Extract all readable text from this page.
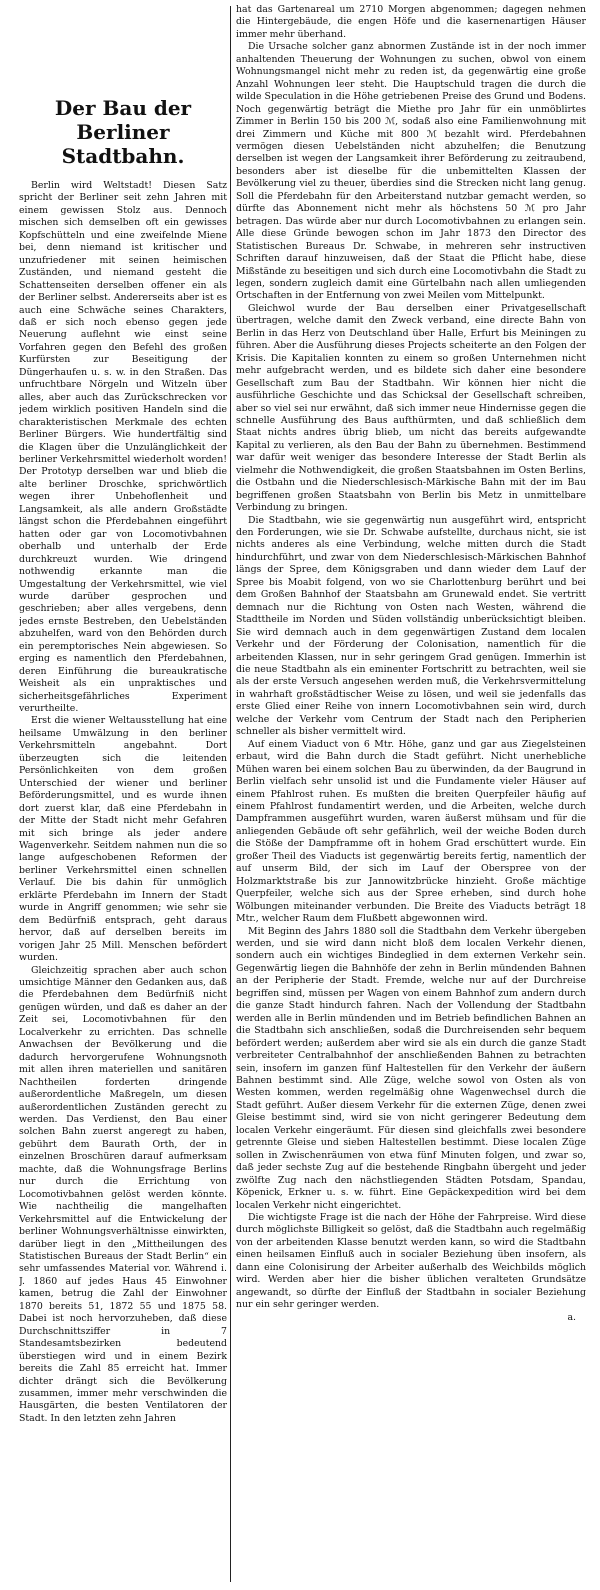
Der Bau der Berliner Stadtbahn.

Berlin wird Weltstadt! Diesen Satz spricht der Berliner seit zehn Jahren mit einem gewissen Stolz aus. Dennoch mischen sich demselben oft ein gewisses Kopfschütteln und eine zweifelnde Miene bei, denn niemand ist kritischer und unzufriedener mit seinen heimischen Zuständen, und niemand gesteht die Schattenseiten derselben offener ein als der Berliner selbst. Andererseits aber ist es auch eine Schwäche seines Charakters, daß er sich noch ebenso gegen jede Neuerung auflehnt wie einst seine Vorfahren gegen den Befehl des großen Kurfürsten zur Beseitigung der Düngerhaufen u. s. w. in den Straßen. Das unfruchtbare Nörgeln und Witzeln über alles, aber auch das Zurückschrecken vor jedem wirklich positiven Handeln sind die charakteristischen Merkmale des echten Berliner Bürgers. Wie hundertfältig sind die Klagen über die Unzulänglichkeit der berliner Verkehrsmittel wiederholt worden! Der Prototyp derselben war und blieb die alte berliner Droschke, sprichwörtlich wegen ihrer Unbehoflenheit und Langsamkeit, als alle andern Großstädte längst schon die Pferdebahnen eingeführt hatten oder gar von Locomotivbahnen oberhalb und unterhalb der Erde durchkreuzt wurden. Wie dringend nothwendig erkannte man die Umgestaltung der Verkehrsmittel, wie viel wurde darüber gesprochen und geschrieben; aber alles vergebens, denn jedes ernste Bestreben, den Uebelständen abzuhelfen, ward von den Behörden durch ein peremptorisches Nein abgewiesen. So erging es namentlich den Pferdebahnen, deren Einführung die bureaukratische Weisheit als ein unpraktisches und sicherheitsgefährliches Experiment verurtheilte.

Erst die wiener Weltausstellung hat eine heilsame Umwälzung in den berliner Verkehrsmitteln angebahnt. Dort überzeugten sich die leitenden Persönlichkeiten von dem großen Unterschied der wiener und berliner Beförderungsmittel, und es wurde ihnen dort zuerst klar, daß eine Pferdebahn in der Mitte der Stadt nicht mehr Gefahren mit sich bringe als jeder andere Wagenverkehr. Seitdem nahmen nun die so lange aufgeschobenen Reformen der berliner Verkehrsmittel einen schnellen Verlauf. Die bis dahin für unmöglich erklärte Pferdebahn im Innern der Stadt wurde in Angriff genommen; wie sehr sie dem Bedürfniß entsprach, geht daraus hervor, daß auf derselben bereits im vorigen Jahr 25 Mill. Menschen befördert wurden.

Gleichzeitig sprachen aber auch schon umsichtige Männer den Gedanken aus, daß die Pferdebahnen dem Bedürfniß nicht genügen würden, und daß es daher an der Zeit sei, Locomotivbahnen für den Localverkehr zu errichten. Das schnelle Anwachsen der Bevölkerung und die dadurch hervorgerufene Wohnungsnoth mit allen ihren materiellen und sanitären Nachtheilen forderten dringende außerordentliche Maßregeln, um diesen außerordentlichen Zuständen gerecht zu werden. Das Verdienst, den Bau einer solchen Bahn zuerst angeregt zu haben, gebührt dem Baurath Orth, der in einzelnen Broschüren darauf aufmerksam machte, daß die Wohnungsfrage Berlins nur durch die Errichtung von Locomotivbahnen gelöst werden könnte. Wie nachtheilig die mangelhaften Verkehrsmittel auf die Entwickelung der berliner Wohnungsverhältnisse einwirkten, darüber liegt in den „Mittheilungen des Statistischen Bureaus der Stadt Berlin“ ein sehr umfassendes Material vor. Während i. J. 1860 auf jedes Haus 45 Einwohner kamen, betrug die Zahl der Einwohner 1870 bereits 51, 1872 55 und 1875 58. Dabei ist noch hervorzuheben, daß diese Durchschnittsziffer in 7 Standesamtsbezirken bedeutend überstiegen wird und in einem Bezirk bereits die Zahl 85 erreicht hat. Immer dichter drängt sich die Bevölkerung zusammen, immer mehr verschwinden die Hausgärten, die besten Ventilatoren der Stadt. In den letzten zehn Jahren

hat das Gartenareal um 2710 Morgen abgenommen; dagegen nehmen die Hintergebäude, die engen Höfe und die kasernenartigen Häuser immer mehr überhand.

Die Ursache solcher ganz abnormen Zustände ist in der noch immer anhaltenden Theuerung der Wohnungen zu suchen, obwol von einem Wohnungsmangel nicht mehr zu reden ist, da gegenwärtig eine große Anzahl Wohnungen leer steht. Die Hauptschuld tragen die durch die wilde Speculation in die Höhe getriebenen Preise des Grund und Bodens. Noch gegenwärtig beträgt die Miethe pro Jahr für ein unmöblirtes Zimmer in Berlin 150 bis 200 ℳ, sodaß also eine Familienwohnung mit drei Zimmern und Küche mit 800 ℳ bezahlt wird. Pferdebahnen vermögen diesen Uebelständen nicht abzuhelfen; die Benutzung derselben ist wegen der Langsamkeit ihrer Beförderung zu zeitraubend, besonders aber ist dieselbe für die unbemittelten Klassen der Bevölkerung viel zu theuer, überdies sind die Strecken nicht lang genug. Soll die Pferdebahn für den Arbeiterstand nutzbar gemacht werden, so dürfte das Abonnement nicht mehr als höchstens 50 ℳ pro Jahr betragen. Das würde aber nur durch Locomotivbahnen zu erlangen sein. Alle diese Gründe bewogen schon im Jahr 1873 den Director des Statistischen Bureaus Dr. Schwabe, in mehreren sehr instructiven Schriften darauf hinzuweisen, daß der Staat die Pflicht habe, diese Mißstände zu beseitigen und sich durch eine Locomotivbahn die Stadt zu legen, sondern zugleich damit eine Gürtelbahn nach allen umliegenden Ortschaften in der Entfernung von zwei Meilen vom Mittelpunkt.

Gleichwol wurde der Bau derselben einer Privatgesellschaft übertragen, welche damit den Zweck verband, eine directe Bahn von Berlin in das Herz von Deutschland über Halle, Erfurt bis Meiningen zu führen. Aber die Ausführung dieses Projects scheiterte an den Folgen der Krisis. Die Kapitalien konnten zu einem so großen Unternehmen nicht mehr aufgebracht werden, und es bildete sich daher eine besondere Gesellschaft zum Bau der Stadtbahn. Wir können hier nicht die ausführliche Geschichte und das Schicksal der Gesellschaft schreiben, aber so viel sei nur erwähnt, daß sich immer neue Hindernisse gegen die schnelle Ausführung des Baus aufthürmten, und daß schließlich dem Staat nichts andres übrig blieb, um nicht das bereits aufgewandte Kapital zu verlieren, als den Bau der Bahn zu übernehmen. Bestimmend war dafür weit weniger das besondere Interesse der Stadt Berlin als vielmehr die Nothwendigkeit, die großen Staatsbahnen im Osten Berlins, die Ostbahn und die Niederschlesisch-Märkische Bahn mit der im Bau begriffenen großen Staatsbahn von Berlin bis Metz in unmittelbare Verbindung zu bringen.

Die Stadtbahn, wie sie gegenwärtig nun ausgeführt wird, entspricht den Forderungen, wie sie Dr. Schwabe aufstellte, durchaus nicht, sie ist nichts anderes als eine Verbindung, welche mitten durch die Stadt hindurchführt, und zwar von dem Niederschlesisch-Märkischen Bahnhof längs der Spree, dem Königsgraben und dann wieder dem Lauf der Spree bis Moabit folgend, von wo sie Charlottenburg berührt und bei dem Großen Bahnhof der Staatsbahn am Grunewald endet. Sie vertritt demnach nur die Richtung von Osten nach Westen, während die Stadttheile im Norden und Süden vollständig unberücksichtigt bleiben. Sie wird demnach auch in dem gegenwärtigen Zustand dem localen Verkehr und der Förderung der Colonisation, namentlich für die arbeitenden Klassen, nur in sehr geringem Grad genügen. Immerhin ist die neue Stadtbahn als ein eminenter Fortschritt zu betrachten, weil sie als der erste Versuch angesehen werden muß, die Verkehrsvermittelung in wahrhaft großstädtischer Weise zu lösen, und weil sie jedenfalls das erste Glied einer Reihe von innern Locomotivbahnen sein wird, durch welche der Verkehr vom Centrum der Stadt nach den Peripherien schneller als bisher vermittelt wird.

Auf einem Viaduct von 6 Mtr. Höhe, ganz und gar aus Ziegelsteinen erbaut, wird die Bahn durch die Stadt geführt. Nicht unerhebliche Mühen waren bei einem solchen Bau zu überwinden, da der Baugrund in Berlin vielfach sehr unsolid ist und die Fundamente vieler Häuser auf einem Pfahlrost ruhen. Es mußten die breiten Querpfeiler häufig auf einem Pfahlrost fundamentirt werden, und die Arbeiten, welche durch Dampframmen ausgeführt wurden, waren äußerst mühsam und für die anliegenden Gebäude oft sehr gefährlich, weil der weiche Boden durch die Stöße der Dampframme oft in hohem Grad erschüttert wurde. Ein großer Theil des Viaducts ist gegenwärtig bereits fertig, namentlich der auf unserm Bild, der sich im Lauf der Oberspree von der Holzmarktstraße bis zur Jannowitzbrücke hinzieht. Große mächtige Querpfeiler, welche sich aus der Spree erheben, sind durch hohe Wölbungen miteinander verbunden. Die Breite des Viaducts beträgt 18 Mtr., welcher Raum dem Flußbett abgewonnen wird.

Mit Beginn des Jahrs 1880 soll die Stadtbahn dem Verkehr übergeben werden, und sie wird dann nicht bloß dem localen Verkehr dienen, sondern auch ein wichtiges Bindeglied in dem externen Verkehr sein. Gegenwärtig liegen die Bahnhöfe der zehn in Berlin mündenden Bahnen an der Peripherie der Stadt. Fremde, welche nur auf der Durchreise begriffen sind, müssen per Wagen von einem Bahnhof zum andern durch die ganze Stadt hindurch fahren. Nach der Vollendung der Stadtbahn werden alle in Berlin mündenden und im Betrieb befindlichen Bahnen an die Stadtbahn sich anschließen, sodaß die Durchreisenden sehr bequem befördert werden; außerdem aber wird sie als ein durch die ganze Stadt verbreiteter Centralbahnhof der anschließenden Bahnen zu betrachten sein, insofern im ganzen fünf Haltestellen für den Verkehr der äußern Bahnen bestimmt sind. Alle Züge, welche sowol von Osten als von Westen kommen, werden regelmäßig ohne Wagenwechsel durch die Stadt geführt. Außer diesem Verkehr für die externen Züge, denen zwei Gleise bestimmt sind, wird sie von nicht geringerer Bedeutung dem localen Verkehr eingeräumt. Für diesen sind gleichfalls zwei besondere getrennte Gleise und sieben Haltestellen bestimmt. Diese localen Züge sollen in Zwischenräumen von etwa fünf Minuten folgen, und zwar so, daß jeder sechste Zug auf die bestehende Ringbahn übergeht und jeder zwölfte Zug nach den nächstliegenden Städten Potsdam, Spandau, Köpenick, Erkner u. s. w. führt. Eine Gepäckexpedition wird bei dem localen Verkehr nicht eingerichtet.

Die wichtigste Frage ist die nach der Höhe der Fahrpreise. Wird diese durch möglichste Billigkeit so gelöst, daß die Stadtbahn auch regelmäßig von der arbeitenden Klasse benutzt werden kann, so wird die Stadtbahn einen heilsamen Einfluß auch in socialer Beziehung üben insofern, als dann eine Colonisirung der Arbeiter außerhalb des Weichbilds möglich wird. Werden aber hier die bisher üblichen veralteten Grundsätze angewandt, so dürfte der Einfluß der Stadtbahn in socialer Beziehung nur ein sehr geringer werden.

a.
